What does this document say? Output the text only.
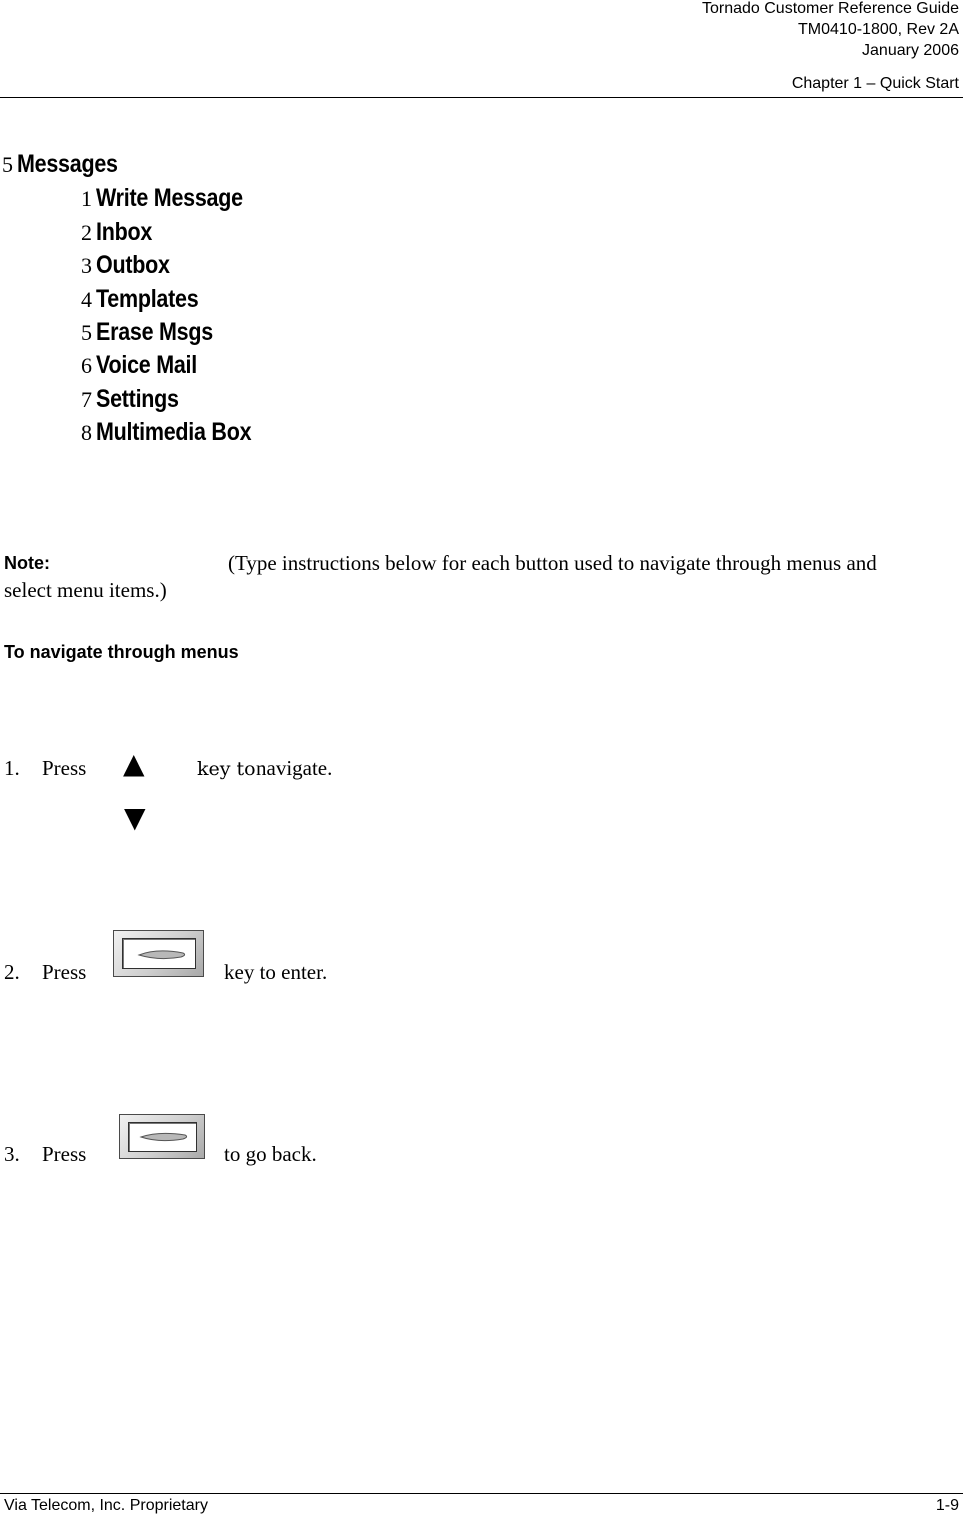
Tornado Customer Reference Guide
TM0410-1800, Rev 2A
January 2006
Chapter 1 – Quick Start
5 Messages
1 Write Message
2 Inbox
3 Outbox
4 Templates
5 Erase Msgs
6 Voice Mail
7 Settings
8 Multimedia Box
Note:	(Type instructions below for each button used to navigate through menus and
select menu items.)
To navigate through menus
1. Press ▲
▼
key to navigate.
2. Press	key to enter.
3. Press	to go back.
Via Telecom, Inc. Proprietary	1-9
